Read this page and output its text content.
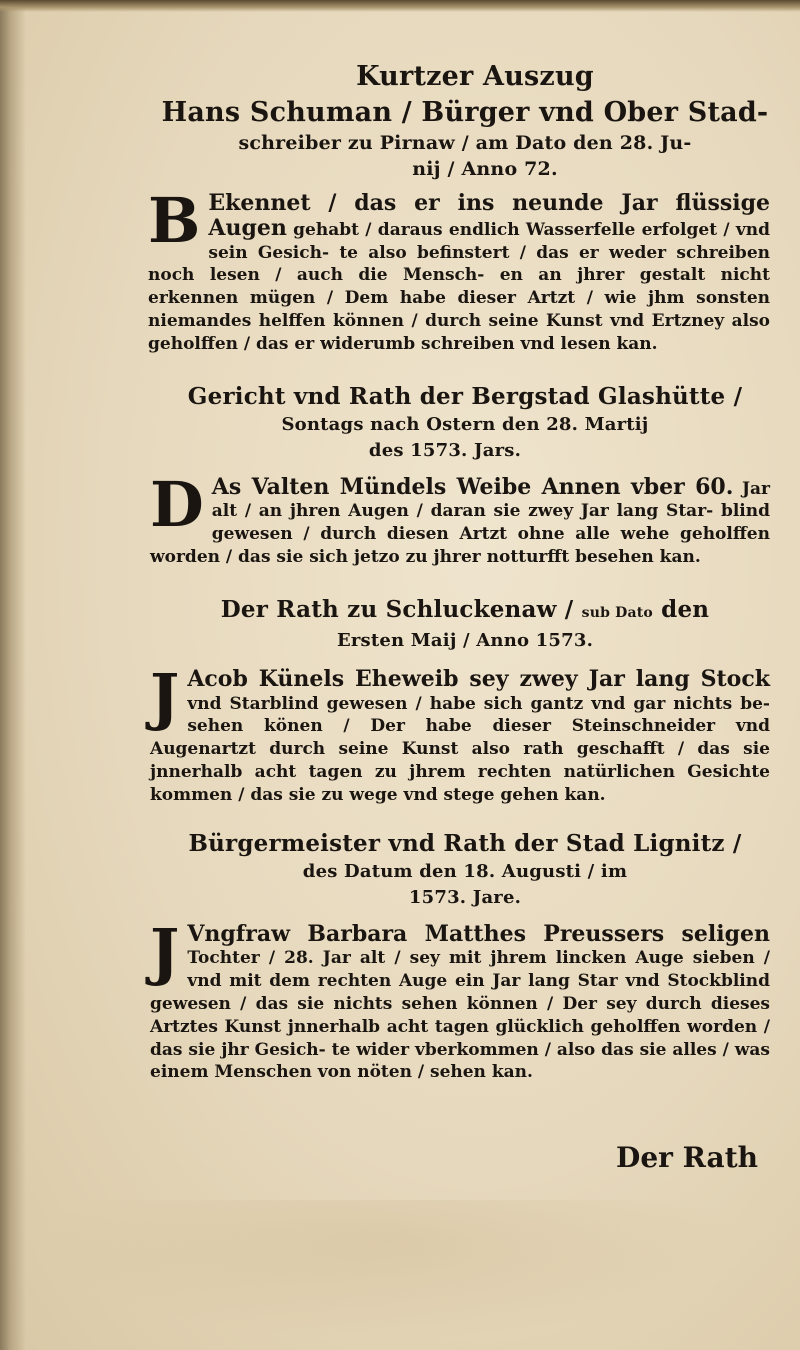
Kurtzer Auszug
Hans Schuman / Bürger vnd Ober Stad-
schreiber zu Pirnaw / am Dato den 28. Ju-
nij / Anno 72.

B Ekennet / das er ins neunde Jar flüssige Augen gehabt / daraus endlich Wasserfelle erfolget / vnd sein Gesich- te also befinstert / das er weder schreiben noch lesen / auch die Mensch- en an jhrer gestalt nicht erkennen mügen / Dem habe dieser Artzt / wie jhm sonsten niemandes helffen können / durch seine Kunst vnd Ertzney also geholffen / das er widerumb schreiben vnd lesen kan.

Gericht vnd Rath der Bergstad Glashütte /
Sontags nach Ostern den 28. Martij
des 1573. Jars.

D As Valten Mündels Weibe Annen vber 60. Jar alt / an jhren Augen / daran sie zwey Jar lang Star- blind gewesen / durch diesen Artzt ohne alle wehe geholffen worden / das sie sich jetzo zu jhrer notturfft besehen kan.

Der Rath zu Schluckenaw / sub Dato den
Ersten Maij / Anno 1573.

J Acob Künels Eheweib sey zwey Jar lang Stock vnd Starblind gewesen / habe sich gantz vnd gar nichts be- sehen könen / Der habe dieser Steinschneider vnd Augenartzt durch seine Kunst also rath geschafft / das sie jnnerhalb acht tagen zu jhrem rechten natürlichen Gesichte kommen / das sie zu wege vnd stege gehen kan.

Bürgermeister vnd Rath der Stad Lignitz /
des Datum den 18. Augusti / im
1573. Jare.

J Vngfraw Barbara Matthes Preussers seligen Tochter / 28. Jar alt / sey mit jhrem lincken Auge sieben / vnd mit dem rechten Auge ein Jar lang Star vnd Stockblind gewesen / das sie nichts sehen können / Der sey durch dieses Artztes Kunst jnnerhalb acht tagen glücklich geholffen worden / das sie jhr Gesich- te wider vberkommen / also das sie alles / was einem Menschen von nöten / sehen kan.

Der Rath
